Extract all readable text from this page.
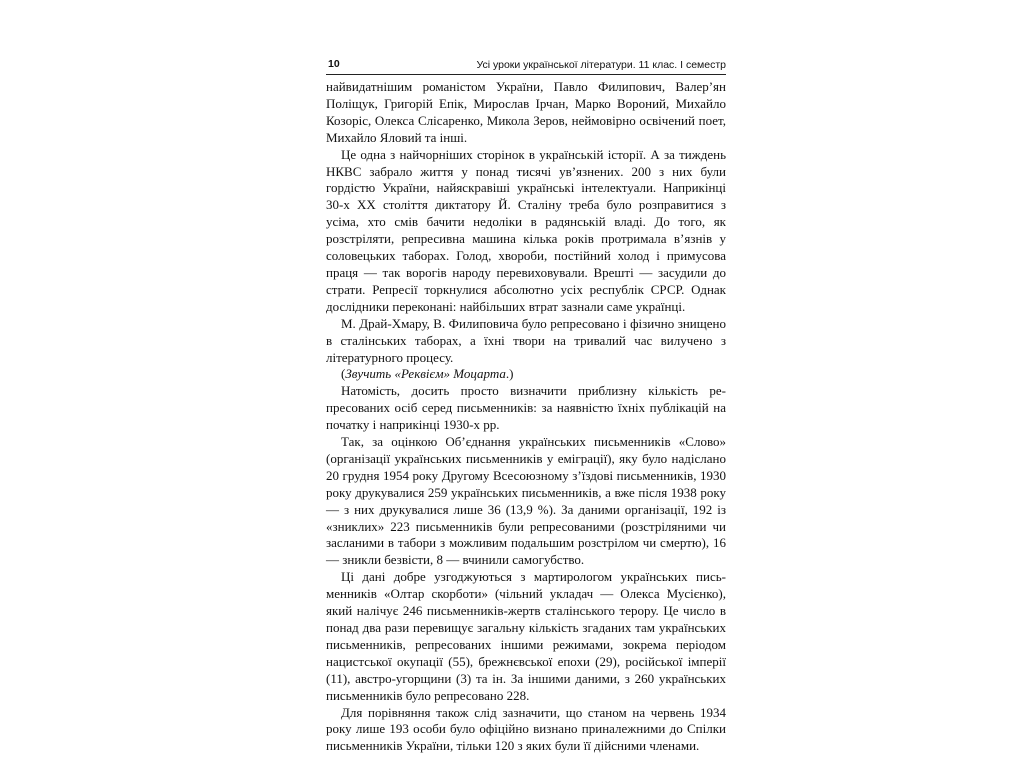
10	Усі уроки української літератури. 11 клас. І семестр

найвидатнішим романістом України, Павло Филипович, Валер’ян Поліщук, Григорій Епік, Мирослав Ірчан, Марко Вороний, Михайло Козоріс, Олекса Слісаренко, Микола Зеров, неймовірно освічений поет, Михайло Яловий та інші.

Це одна з найчорніших сторінок в українській історії. А за тиждень НКВС забрало життя у понад тисячі ув’язнених. 200 з них були гордістю України, найяскравіші українські інтелектуали. Наприкінці 30-х XX століття диктатору Й. Сталіну треба було розправитися з усіма, хто смів бачити недоліки в радянській владі. До того, як розстріляти, репресивна машина кілька років протримала в’язнів у соловецьких таборах. Голод, хвороби, постійний холод і примусова праця — так ворогів народу перевиховували. Врешті — засудили до страти. Репресії торкнулися абсолютно усіх республік СРСР. Однак дослідники переконані: найбільших втрат зазнали саме українці.

М. Драй-Хмару, В. Филиповича було репресовано і фізично знищено в сталінських таборах, а їхні твори на тривалий час вилучено з літературного процесу.

(Звучить «Реквієм» Моцарта.)

Натомість, досить просто визначити приблизну кількість репресованих осіб серед письменників: за наявністю їхніх публікацій на початку і наприкінці 1930-х рр.

Так, за оцінкою Об’єднання українських письменників «Слово» (організації українських письменників у еміграції), яку було надіслано 20 грудня 1954 року Другому Всесоюзному з’їздові письменників, 1930 року друкувалися 259 українських письменників, а вже після 1938 року — з них друкувалися лише 36 (13,9 %). За даними організації, 192 із «зниклих» 223 письменників були репресованими (розстріляними чи засланими в табори з можливим подальшим розстрілом чи смертю), 16 — зникли безвісти, 8 — вчинили самогубство.

Ці дані добре узгоджуються з мартирологом українських письменників «Олтар скорботи» (чільний укладач — Олекса Мусієнко), який налічує 246 письменників-жертв сталінського терору. Це число в понад два рази перевищує загальну кількість згаданих там українських письменників, репресованих іншими режимами, зокрема періодом нацистської окупації (55), брежнєвської епохи (29), російської імперії (11), австро-угорщини (3) та ін. За іншими даними, з 260 українських письменників було репресовано 228.

Для порівняння також слід зазначити, що станом на червень 1934 року лише 193 особи було офіційно визнано приналежними до Спілки письменників України, тільки 120 з яких були її дійсними членами.
